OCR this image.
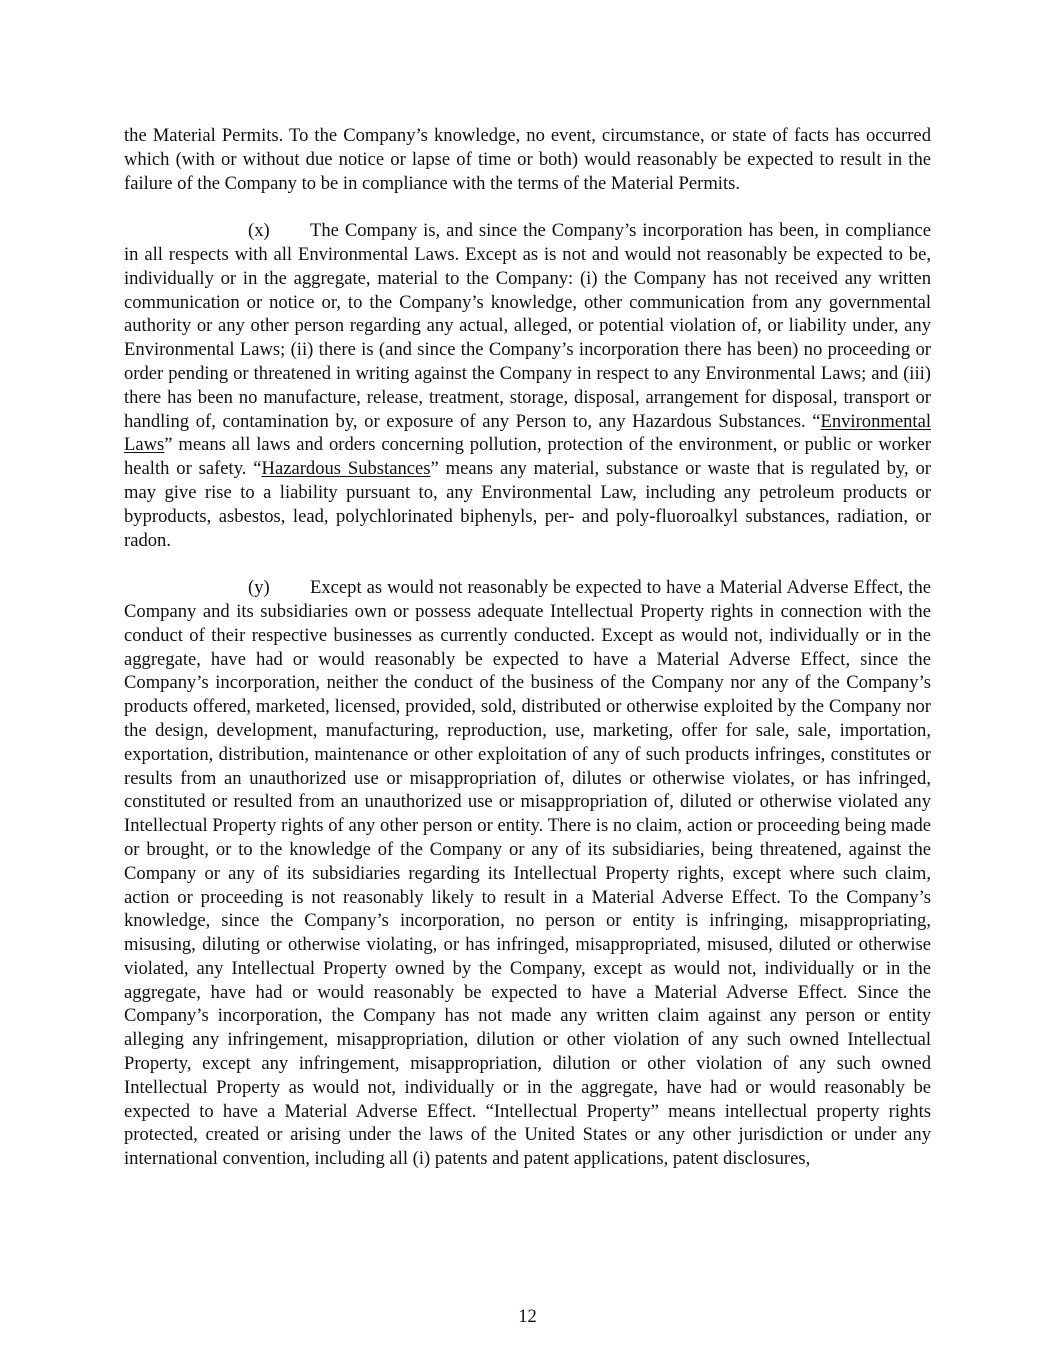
the Material Permits. To the Company’s knowledge, no event, circumstance, or state of facts has occurred which (with or without due notice or lapse of time or both) would reasonably be expected to result in the failure of the Company to be in compliance with the terms of the Material Permits.

(x) The Company is, and since the Company’s incorporation has been, in compliance in all respects with all Environmental Laws. Except as is not and would not reasonably be expected to be, individually or in the aggregate, material to the Company: (i) the Company has not received any written communication or notice or, to the Company’s knowledge, other communication from any governmental authority or any other person regarding any actual, alleged, or potential violation of, or liability under, any Environmental Laws; (ii) there is (and since the Company’s incorporation there has been) no proceeding or order pending or threatened in writing against the Company in respect to any Environmental Laws; and (iii) there has been no manufacture, release, treatment, storage, disposal, arrangement for disposal, transport or handling of, contamination by, or exposure of any Person to, any Hazardous Substances. “Environmental Laws” means all laws and orders concerning pollution, protection of the environment, or public or worker health or safety. “Hazardous Substances” means any material, substance or waste that is regulated by, or may give rise to a liability pursuant to, any Environmental Law, including any petroleum products or byproducts, asbestos, lead, polychlorinated biphenyls, per- and poly-fluoroalkyl substances, radiation, or radon.

(y) Except as would not reasonably be expected to have a Material Adverse Effect, the Company and its subsidiaries own or possess adequate Intellectual Property rights in connection with the conduct of their respective businesses as currently conducted. Except as would not, individually or in the aggregate, have had or would reasonably be expected to have a Material Adverse Effect, since the Company’s incorporation, neither the conduct of the business of the Company nor any of the Company’s products offered, marketed, licensed, provided, sold, distributed or otherwise exploited by the Company nor the design, development, manufacturing, reproduction, use, marketing, offer for sale, sale, importation, exportation, distribution, maintenance or other exploitation of any of such products infringes, constitutes or results from an unauthorized use or misappropriation of, dilutes or otherwise violates, or has infringed, constituted or resulted from an unauthorized use or misappropriation of, diluted or otherwise violated any Intellectual Property rights of any other person or entity. There is no claim, action or proceeding being made or brought, or to the knowledge of the Company or any of its subsidiaries, being threatened, against the Company or any of its subsidiaries regarding its Intellectual Property rights, except where such claim, action or proceeding is not reasonably likely to result in a Material Adverse Effect. To the Company’s knowledge, since the Company’s incorporation, no person or entity is infringing, misappropriating, misusing, diluting or otherwise violating, or has infringed, misappropriated, misused, diluted or otherwise violated, any Intellectual Property owned by the Company, except as would not, individually or in the aggregate, have had or would reasonably be expected to have a Material Adverse Effect. Since the Company’s incorporation, the Company has not made any written claim against any person or entity alleging any infringement, misappropriation, dilution or other violation of any such owned Intellectual Property, except any infringement, misappropriation, dilution or other violation of any such owned Intellectual Property as would not, individually or in the aggregate, have had or would reasonably be expected to have a Material Adverse Effect. “Intellectual Property” means intellectual property rights protected, created or arising under the laws of the United States or any other jurisdiction or under any international convention, including all (i) patents and patent applications, patent disclosures,

12
